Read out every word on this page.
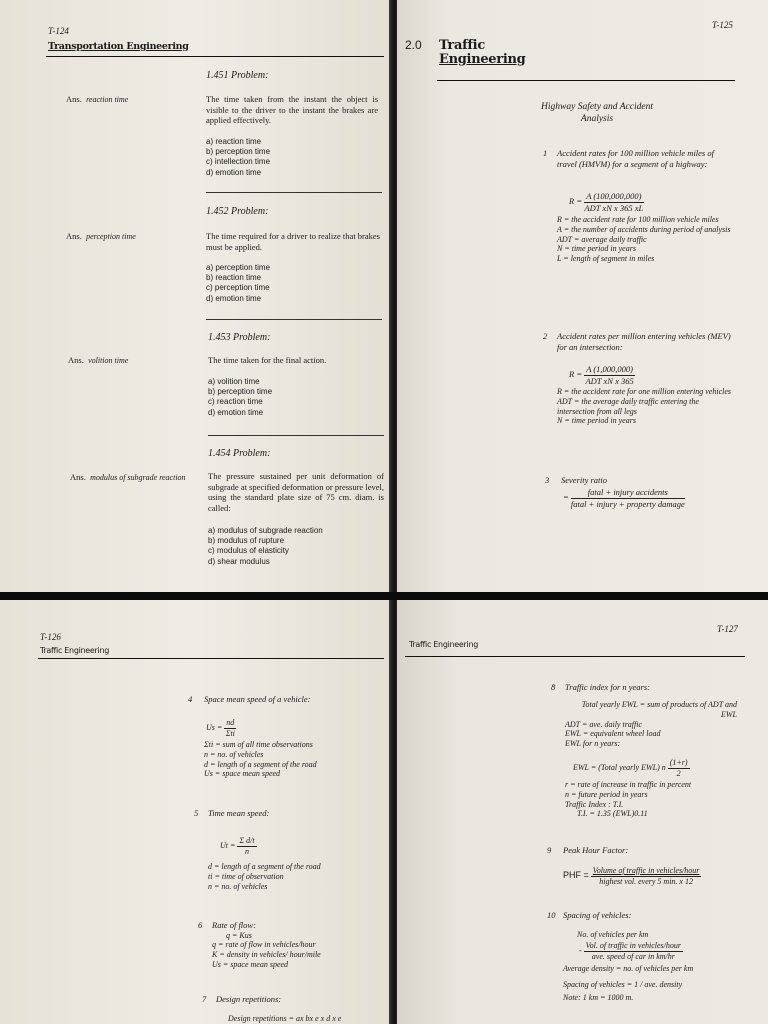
T-124
Transportation Engineering
1.451 Problem:
Ans. reaction time	The time taken from the instant the object is visible to the driver to the instant the brakes are applied effectively.
a) reaction time
b) perception time
c) intellection time
d) emotion time
1.452 Problem:
Ans. perception time	The time required for a driver to realize that brakes must be applied.
a) perception time
b) reaction time
c) perception time
d) emotion time
1.453 Problem:
Ans. volition time	The time taken for the final action.
a) volition time
b) perception time
c) reaction time
d) emotion time
1.454 Problem:
Ans. modulus of subgrade reaction	The pressure sustained per unit deformation of subgrade at specified deformation or pressure level, using the standard plate size of 75 cm. diam. is called:
a) modulus of subgrade reaction
b) modulus of rupture
c) modulus of elasticity
d) shear modulus
T-125
2.0 Traffic
Engineering
Highway Safety and Accident Analysis
1 Accident rates for 100 million vehicle miles of travel (HMVM) for a segment of a highway:
R = A (100,000,000)
ADT xN x 365 xL
R = the accident rate for 100 million vehicle miles
A = the number of accidents during period of analysis
ADT = average daily traffic
N = time period in years
L = length of segment in miles
2 Accident rates per million entering vehicles (MEV) for an intersection:
R = A (1,000,000)
ADT xN x 365
R = the accident rate for one million entering vehicles
ADT = the average daily traffic entering the intersection from all legs
N = time period in years
3 Severity ratio
=	fatal + injury accidents
fatal + injury + property damage
T-126
Traffic Engineering
4 Space mean speed of a vehicle:
Us =
nd
Σti
Σti = sum of all time observations
n = no. of vehicles
d = length of a segment of the road
Us = space mean speed
5 Time mean speed:
$Ut = \frac{\text{Σ d/t}}{n}$
d = length of a segment of the road
ti = time of observation
n = no. of vehicles
6 Rate of flow:
q = Kus
q = rate of flow in vehicles/hour
K = density in vehicles/ hour/mile
Us = space mean speed
7 Design repetitions:
Design repetitions = ax bx e x d x e
T-127
Traffic Engineering
8 Traffic index for n years:
Total yearly EWL = sum of products of ADT and EWL
ADT = ave. daily traffic
EWL = equivalent wheel load
EWL for n years:
EWL = (Total yearly EWL) n $\frac{(1+r)}{2}$
r = rate of increase in traffic in percent
n = future period in years
Traffic Index : T.I.
T.I. = 1.35 (EWL)0.11
9 Peak Hour Factor:
PHF = Volume of traffic in vehicles/hour
highest vol. every 5 min. x 12
10 Spacing of vehicles:
No. of vehicles per km
-
Vol. of traffic in vehicles/hour
ave. speed of car in km/hr
Average density = no. of vehicles per km
Spacing of vehicles = 1 / ave. density
Note: 1 km = 1000 m.
